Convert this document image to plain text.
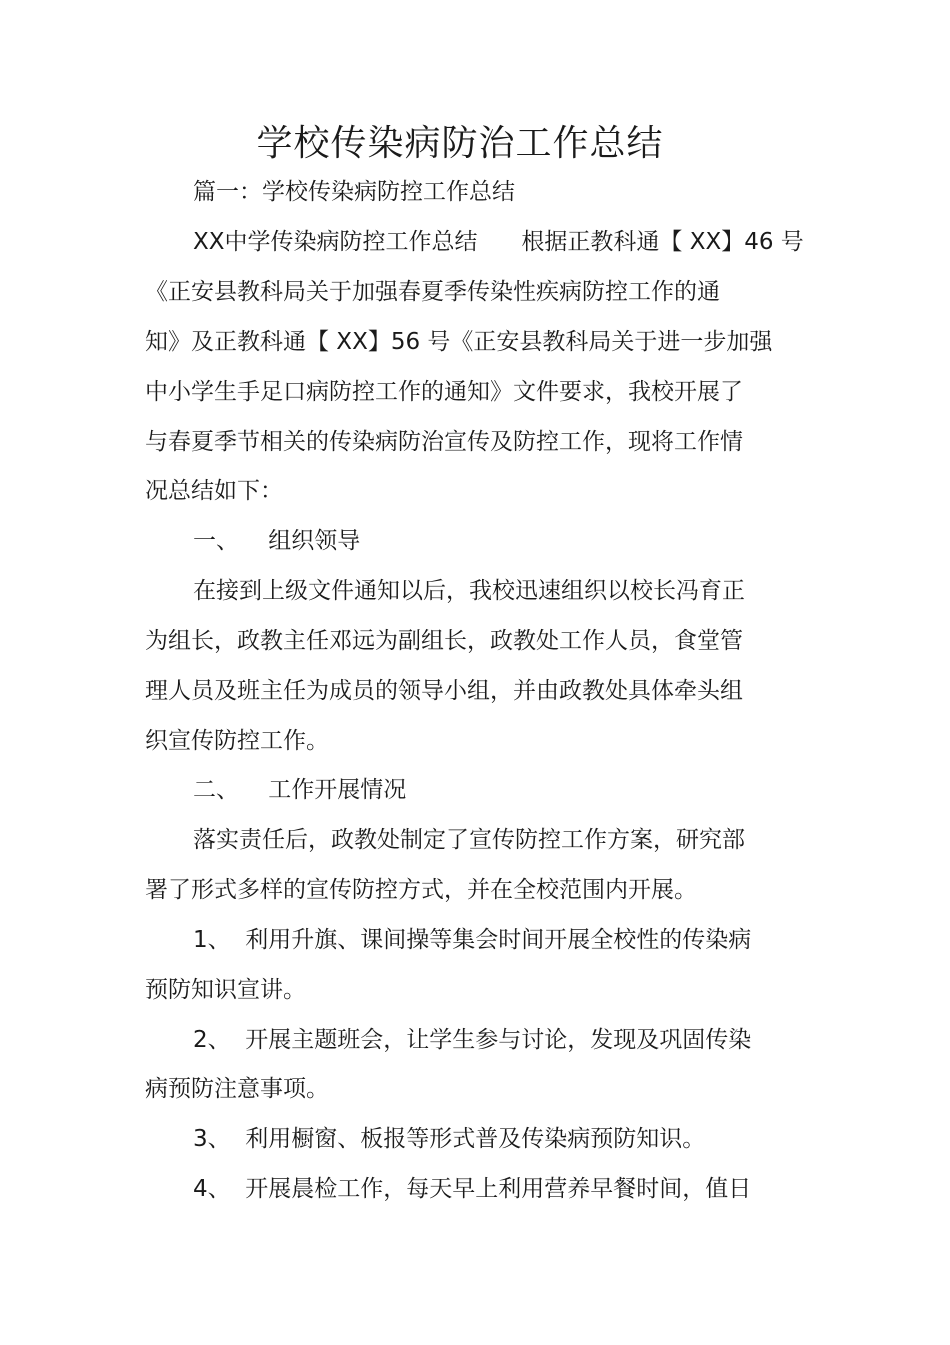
学校传染病防治工作总结
篇一：学校传染病防控工作总结
XX中学传染病防控工作总结      根据正教科通【 XX】46 号
《正安县教科局关于加强春夏季传染性疾病防控工作的通
知》及正教科通【 XX】56 号《正安县教科局关于进一步加强
中小学生手足口病防控工作的通知》文件要求，我校开展了
与春夏季节相关的传染病防治宣传及防控工作，现将工作情
况总结如下：
一、    组织领导
在接到上级文件通知以后，我校迅速组织以校长冯育正
为组长，政教主任邓远为副组长，政教处工作人员，食堂管
理人员及班主任为成员的领导小组，并由政教处具体牵头组
织宣传防控工作。
二、    工作开展情况
落实责任后，政教处制定了宣传防控工作方案，研究部
署了形式多样的宣传防控方式，并在全校范围内开展。
1、  利用升旗、课间操等集会时间开展全校性的传染病
预防知识宣讲。
2、  开展主题班会，让学生参与讨论，发现及巩固传染
病预防注意事项。
3、  利用橱窗、板报等形式普及传染病预防知识。
4、  开展晨检工作，每天早上利用营养早餐时间，值日
